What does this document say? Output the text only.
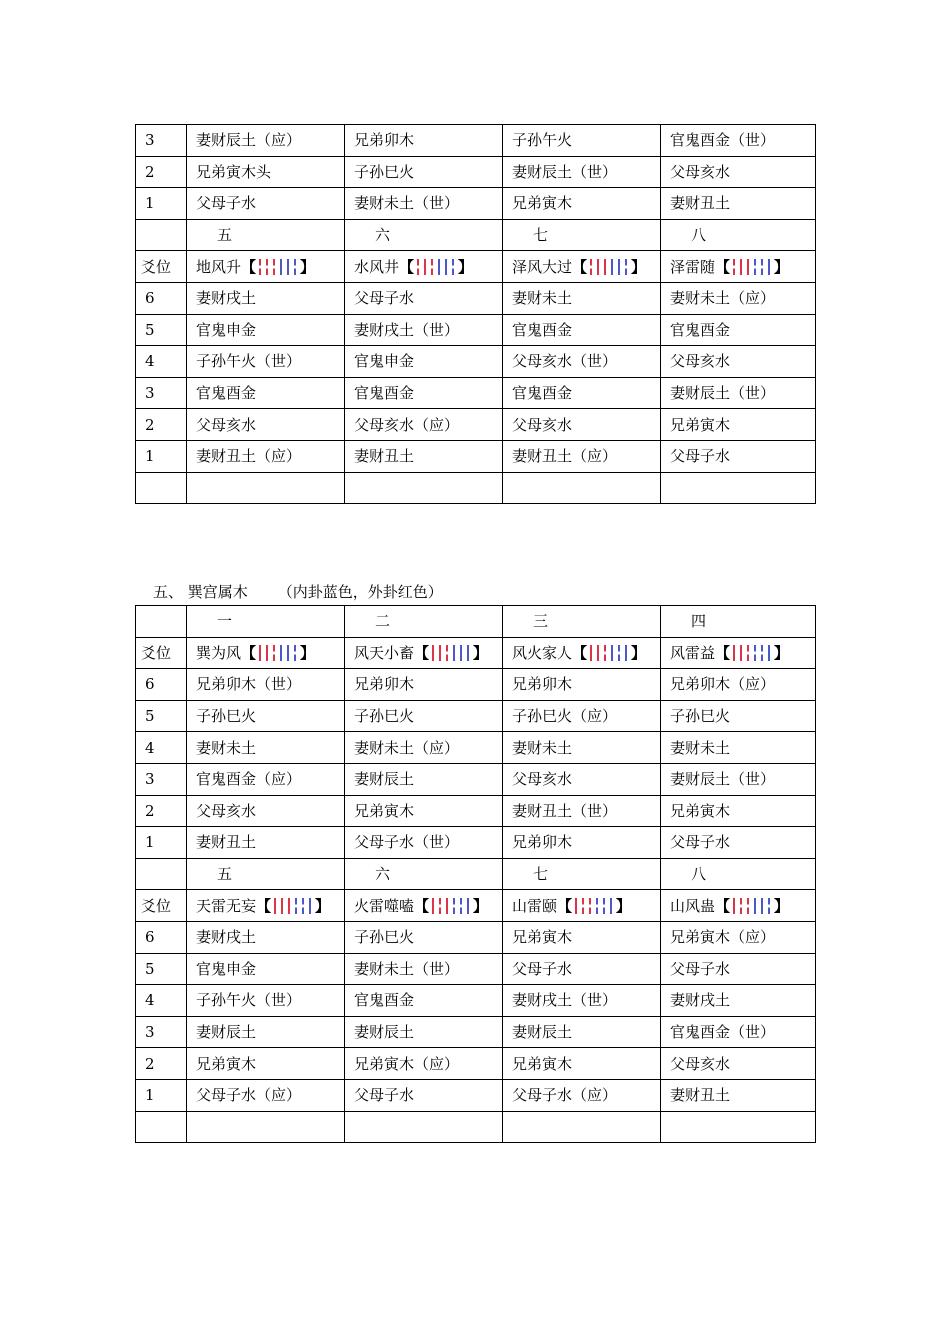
3	妻财辰土（应）	兄弟卯木	子孙午火	官鬼酉金（世）
2	兄弟寅木头	子孙巳火	妻财辰土（世）	父母亥水
1	父母子水	妻财未土（世）	兄弟寅木	妻财丑土
	五	六	七	八
爻位	地风升 【 】	水风井 【 】	泽风大过 【 】	泽雷随 【 】

6	妻财戌土	父母子水	妻财未土	妻财未土（应）
5	官鬼申金	妻财戌土（世）	官鬼酉金	官鬼酉金
4	子孙午火（世）	官鬼申金	父母亥水（世）	父母亥水
3	官鬼酉金	官鬼酉金	官鬼酉金	妻财辰土（世）
2	父母亥水	父母亥水（应）	父母亥水	兄弟寅木
1	妻财丑土（应）	妻财丑土	妻财丑土（应）	父母子水

五、 巽宫属木 （内卦蓝色，外卦红色）
	一	二	三	四
爻位	巽为风 【 】	风天小畜 【 】	风火家人 【 】	风雷益 【 】

6	兄弟卯木（世）	兄弟卯木	兄弟卯木	兄弟卯木（应）
5	子孙巳火	子孙巳火	子孙巳火（应）	子孙巳火
4	妻财未土	妻财未土（应）	妻财未土	妻财未土
3	官鬼酉金（应）	妻财辰土	父母亥水	妻财辰土（世）
2	父母亥水	兄弟寅木	妻财丑土（世）	兄弟寅木
1	妻财丑土	父母子水（世）	兄弟卯木	父母子水
	五	六	七	八
爻位	天雷无妄 【 】	火雷噬嗑 【 】	山雷颐 【 】	山风蛊 【 】

6	妻财戌土	子孙巳火	兄弟寅木	兄弟寅木（应）
5	官鬼申金	妻财未土（世）	父母子水	父母子水
4	子孙午火（世）	官鬼酉金	妻财戌土（世）	妻财戌土
3	妻财辰土	妻财辰土	妻财辰土	官鬼酉金（世）
2	兄弟寅木	兄弟寅木（应）	兄弟寅木	父母亥水
1	父母子水（应）	父母子水	父母子水（应）	妻财丑土
